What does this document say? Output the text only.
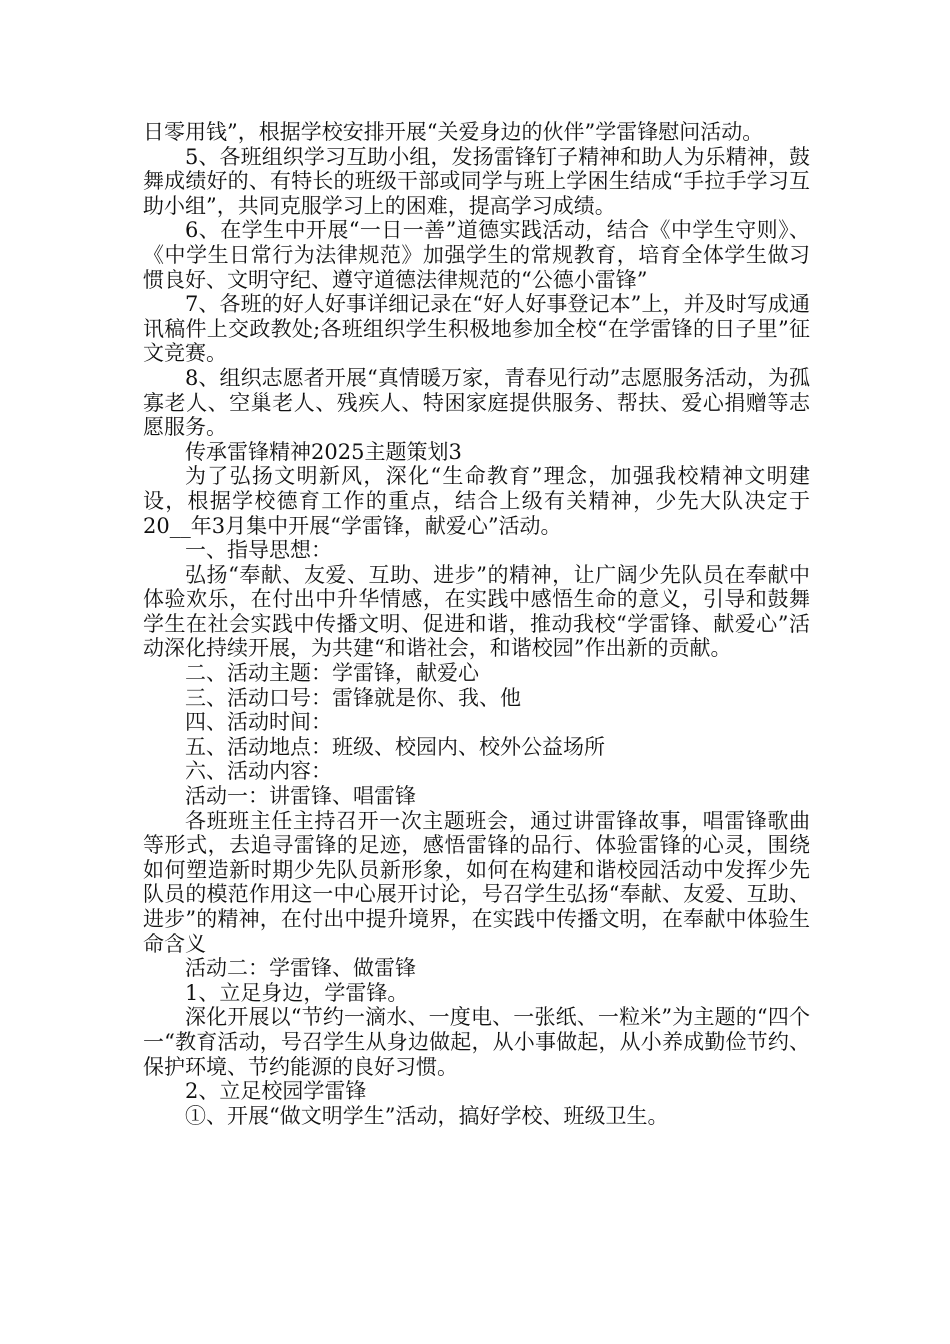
日零用钱”，根据学校安排开展“关爱身边的伙伴”学雷锋慰问活动。

5、各班组织学习互助小组，发扬雷锋钉子精神和助人为乐精神，鼓舞成绩好的、有特长的班级干部或同学与班上学困生结成“手拉手学习互助小组”，共同克服学习上的困难，提高学习成绩。

6、在学生中开展“一日一善”道德实践活动，结合《中学生守则》、《中学生日常行为法律规范》加强学生的常规教育，培育全体学生做习惯良好、文明守纪、遵守道德法律规范的“公德小雷锋”

7、各班的好人好事详细记录在“好人好事登记本”上，并及时写成通讯稿件上交政教处;各班组织学生积极地参加全校“在学雷锋的日子里”征文竞赛。

8、组织志愿者开展“真情暖万家，青春见行动”志愿服务活动，为孤寡老人、空巢老人、残疾人、特困家庭提供服务、帮扶、爱心捐赠等志愿服务。

传承雷锋精神2025主题策划3

为了弘扬文明新风，深化“生命教育”理念，加强我校精神文明建设，根据学校德育工作的重点，结合上级有关精神，少先大队决定于20__年3月集中开展“学雷锋，献爱心”活动。

一、指导思想：

弘扬“奉献、友爱、互助、进步”的精神，让广阔少先队员在奉献中体验欢乐，在付出中升华情感，在实践中感悟生命的意义，引导和鼓舞学生在社会实践中传播文明、促进和谐，推动我校“学雷锋、献爱心”活动深化持续开展，为共建“和谐社会，和谐校园”作出新的贡献。

二、活动主题：学雷锋，献爱心

三、活动口号：雷锋就是你、我、他

四、活动时间：

五、活动地点：班级、校园内、校外公益场所

六、活动内容：

活动一：讲雷锋、唱雷锋

各班班主任主持召开一次主题班会，通过讲雷锋故事，唱雷锋歌曲等形式，去追寻雷锋的足迹，感悟雷锋的品行、体验雷锋的心灵，围绕如何塑造新时期少先队员新形象，如何在构建和谐校园活动中发挥少先队员的模范作用这一中心展开讨论，号召学生弘扬“奉献、友爱、互助、进步”的精神，在付出中提升境界，在实践中传播文明，在奉献中体验生命含义

活动二：学雷锋、做雷锋

1、立足身边，学雷锋。

深化开展以“节约一滴水、一度电、一张纸、一粒米”为主题的“四个一“教育活动，号召学生从身边做起，从小事做起，从小养成勤俭节约、保护环境、节约能源的良好习惯。

2、立足校园学雷锋

①、开展“做文明学生”活动，搞好学校、班级卫生。
